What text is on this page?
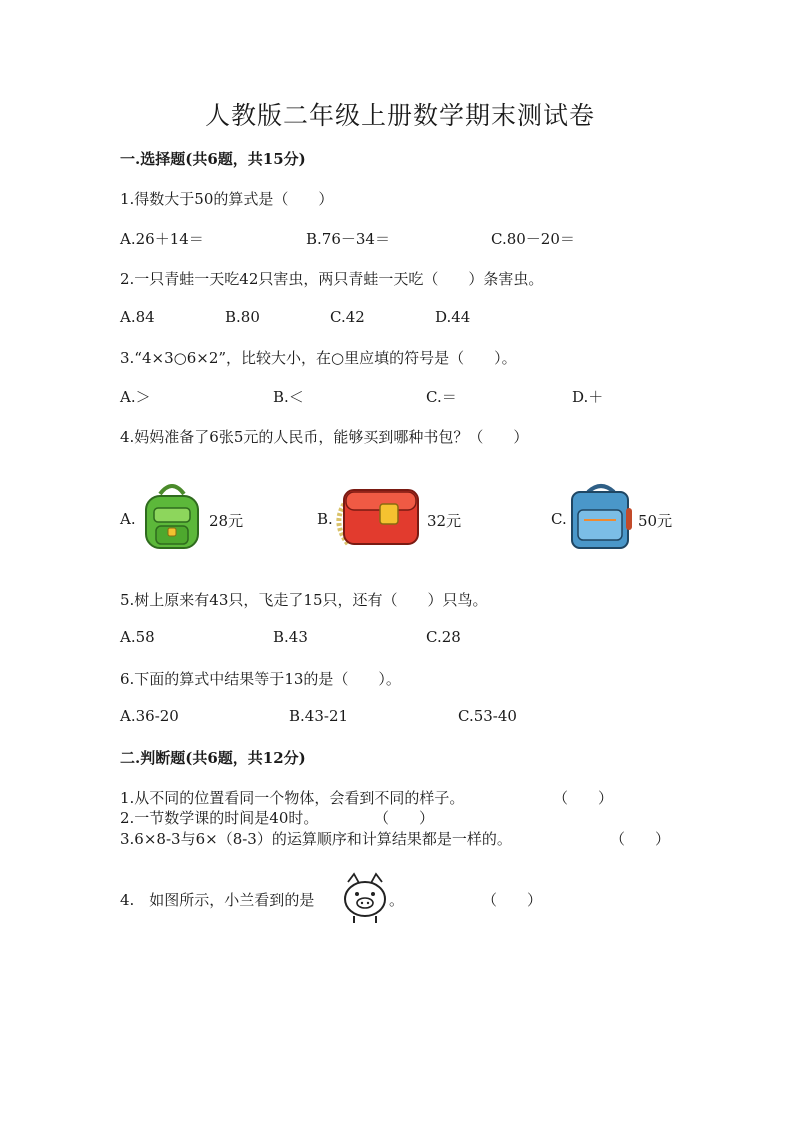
人教版二年级上册数学期末测试卷
一.选择题(共6题，共15分)
1.得数大于50的算式是（　　）
A.26＋14＝	B.76－34＝	C.80－20＝
2.一只青蛙一天吃42只害虫，两只青蛙一天吃（　　）条害虫。
A.84	B.80	C.42	D.44
3.“4×3○6×2”，比较大小，在○里应填的符号是（　　）。
A.＞	B.＜	C.＝	D.＋
4.妈妈准备了6张5元的人民币，能够买到哪种书包？（　　）
A.	28元	B.	32元	C.	50元
5.树上原来有43只，飞走了15只，还有（　　）只鸟。
A.58	B.43	C.28
6.下面的算式中结果等于13的是（　　）。
A.36-20	B.43-21	C.53-40
二.判断题(共6题，共12分)
1.从不同的位置看同一个物体，会看到不同的样子。	（　　）
2.一节数学课的时间是40时。	（　　）
3.6×8-3与6×（8-3）的运算顺序和计算结果都是一样的。	（　　）
4.　如图所示，小兰看到的是	。	（　　）
